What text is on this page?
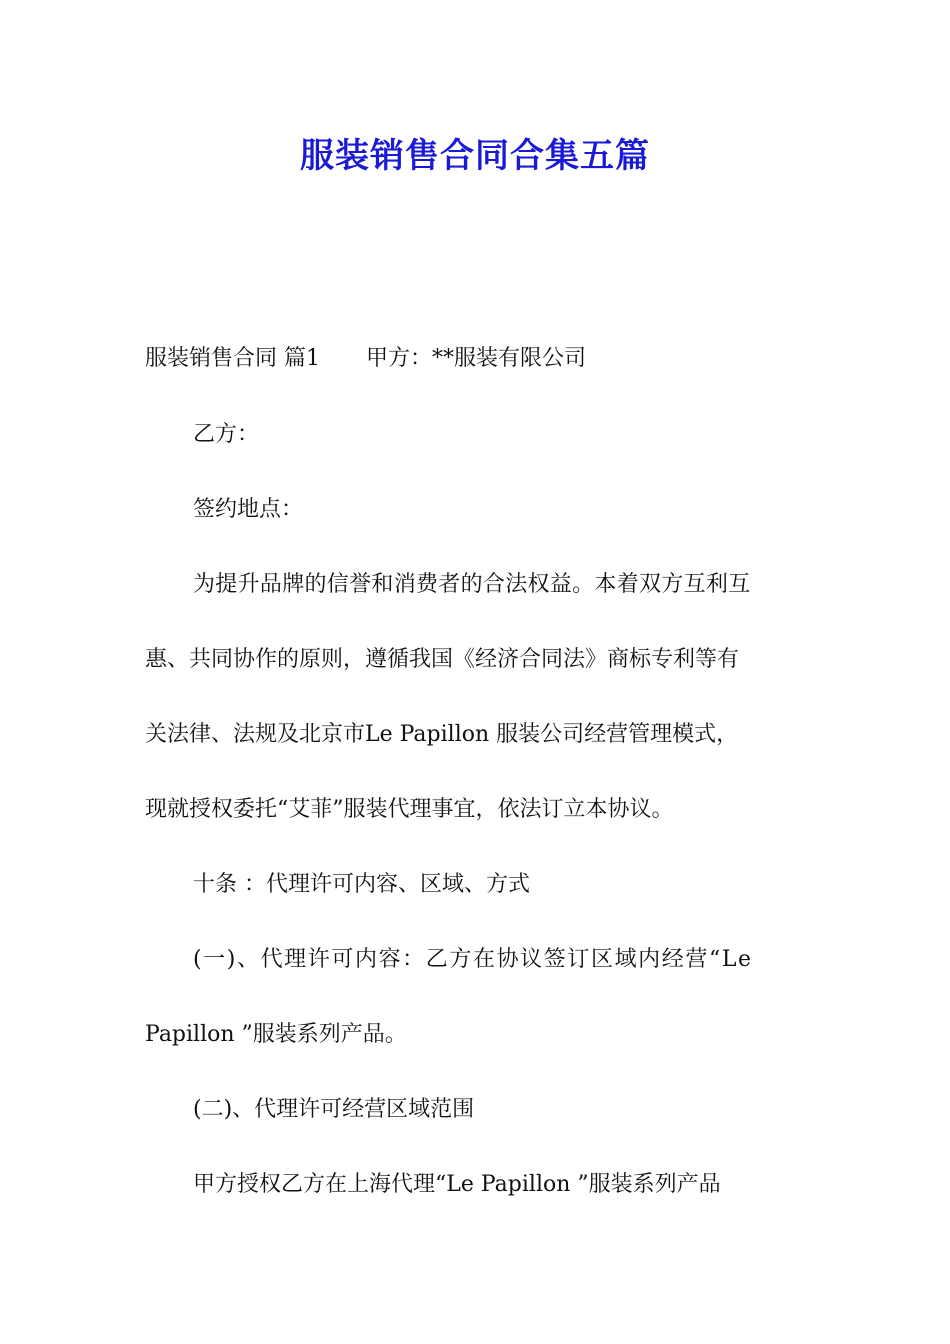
服装销售合同合集五篇
服装销售合同 篇1 甲方：**服装有限公司
乙方：
签约地点：
为提升品牌的信誉和消费者的合法权益。本着双方互利互
惠、共同协作的原则，遵循我国《经济合同法》商标专利等有
关法律、法规及北京市Le Papillon 服装公司经营管理模式，
现就授权委托“艾菲”服装代理事宜，依法订立本协议。
十条 ：代理许可内容、区域、方式
(一)、代理许可内容：乙方在协议签订区域内经营“Le
Papillon ”服装系列产品。
(二)、代理许可经营区域范围
甲方授权乙方在上海代理“Le Papillon ”服装系列产品
